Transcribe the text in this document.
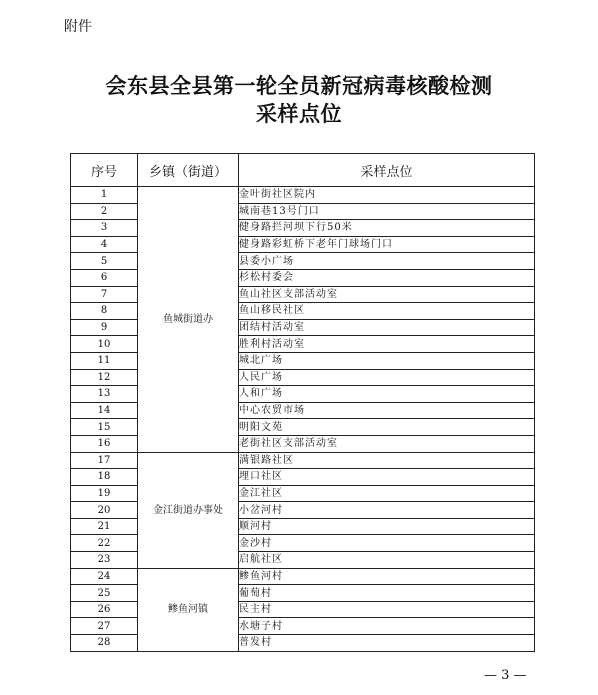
附件
会东县全县第一轮全员新冠病毒核酸检测
采样点位
序号	乡镇（街道）	采样点位
1	鱼城街道办	金叶街社区院内
2		城南巷13号门口
3		健身路拦河坝下行50米
4		健身路彩虹桥下老年门球场门口
5		县委小广场
6		杉松村委会
7		鱼山社区支部活动室
8		鱼山移民社区
9		团结村活动室
10		胜利村活动室
11		城北广场
12		人民广场
13		人和广场
14		中心农贸市场
15		明阳文苑
16		老街社区支部活动室
17	金江街道办事处	满银路社区
18		埋口社区
19		金江社区
20		小岔河村
21		顺河村
22		金沙村
23		启航社区
24	鲹鱼河镇	鲹鱼河村
25		葡萄村
26		民主村
27		水塘子村
28		普发村
— 3 —
